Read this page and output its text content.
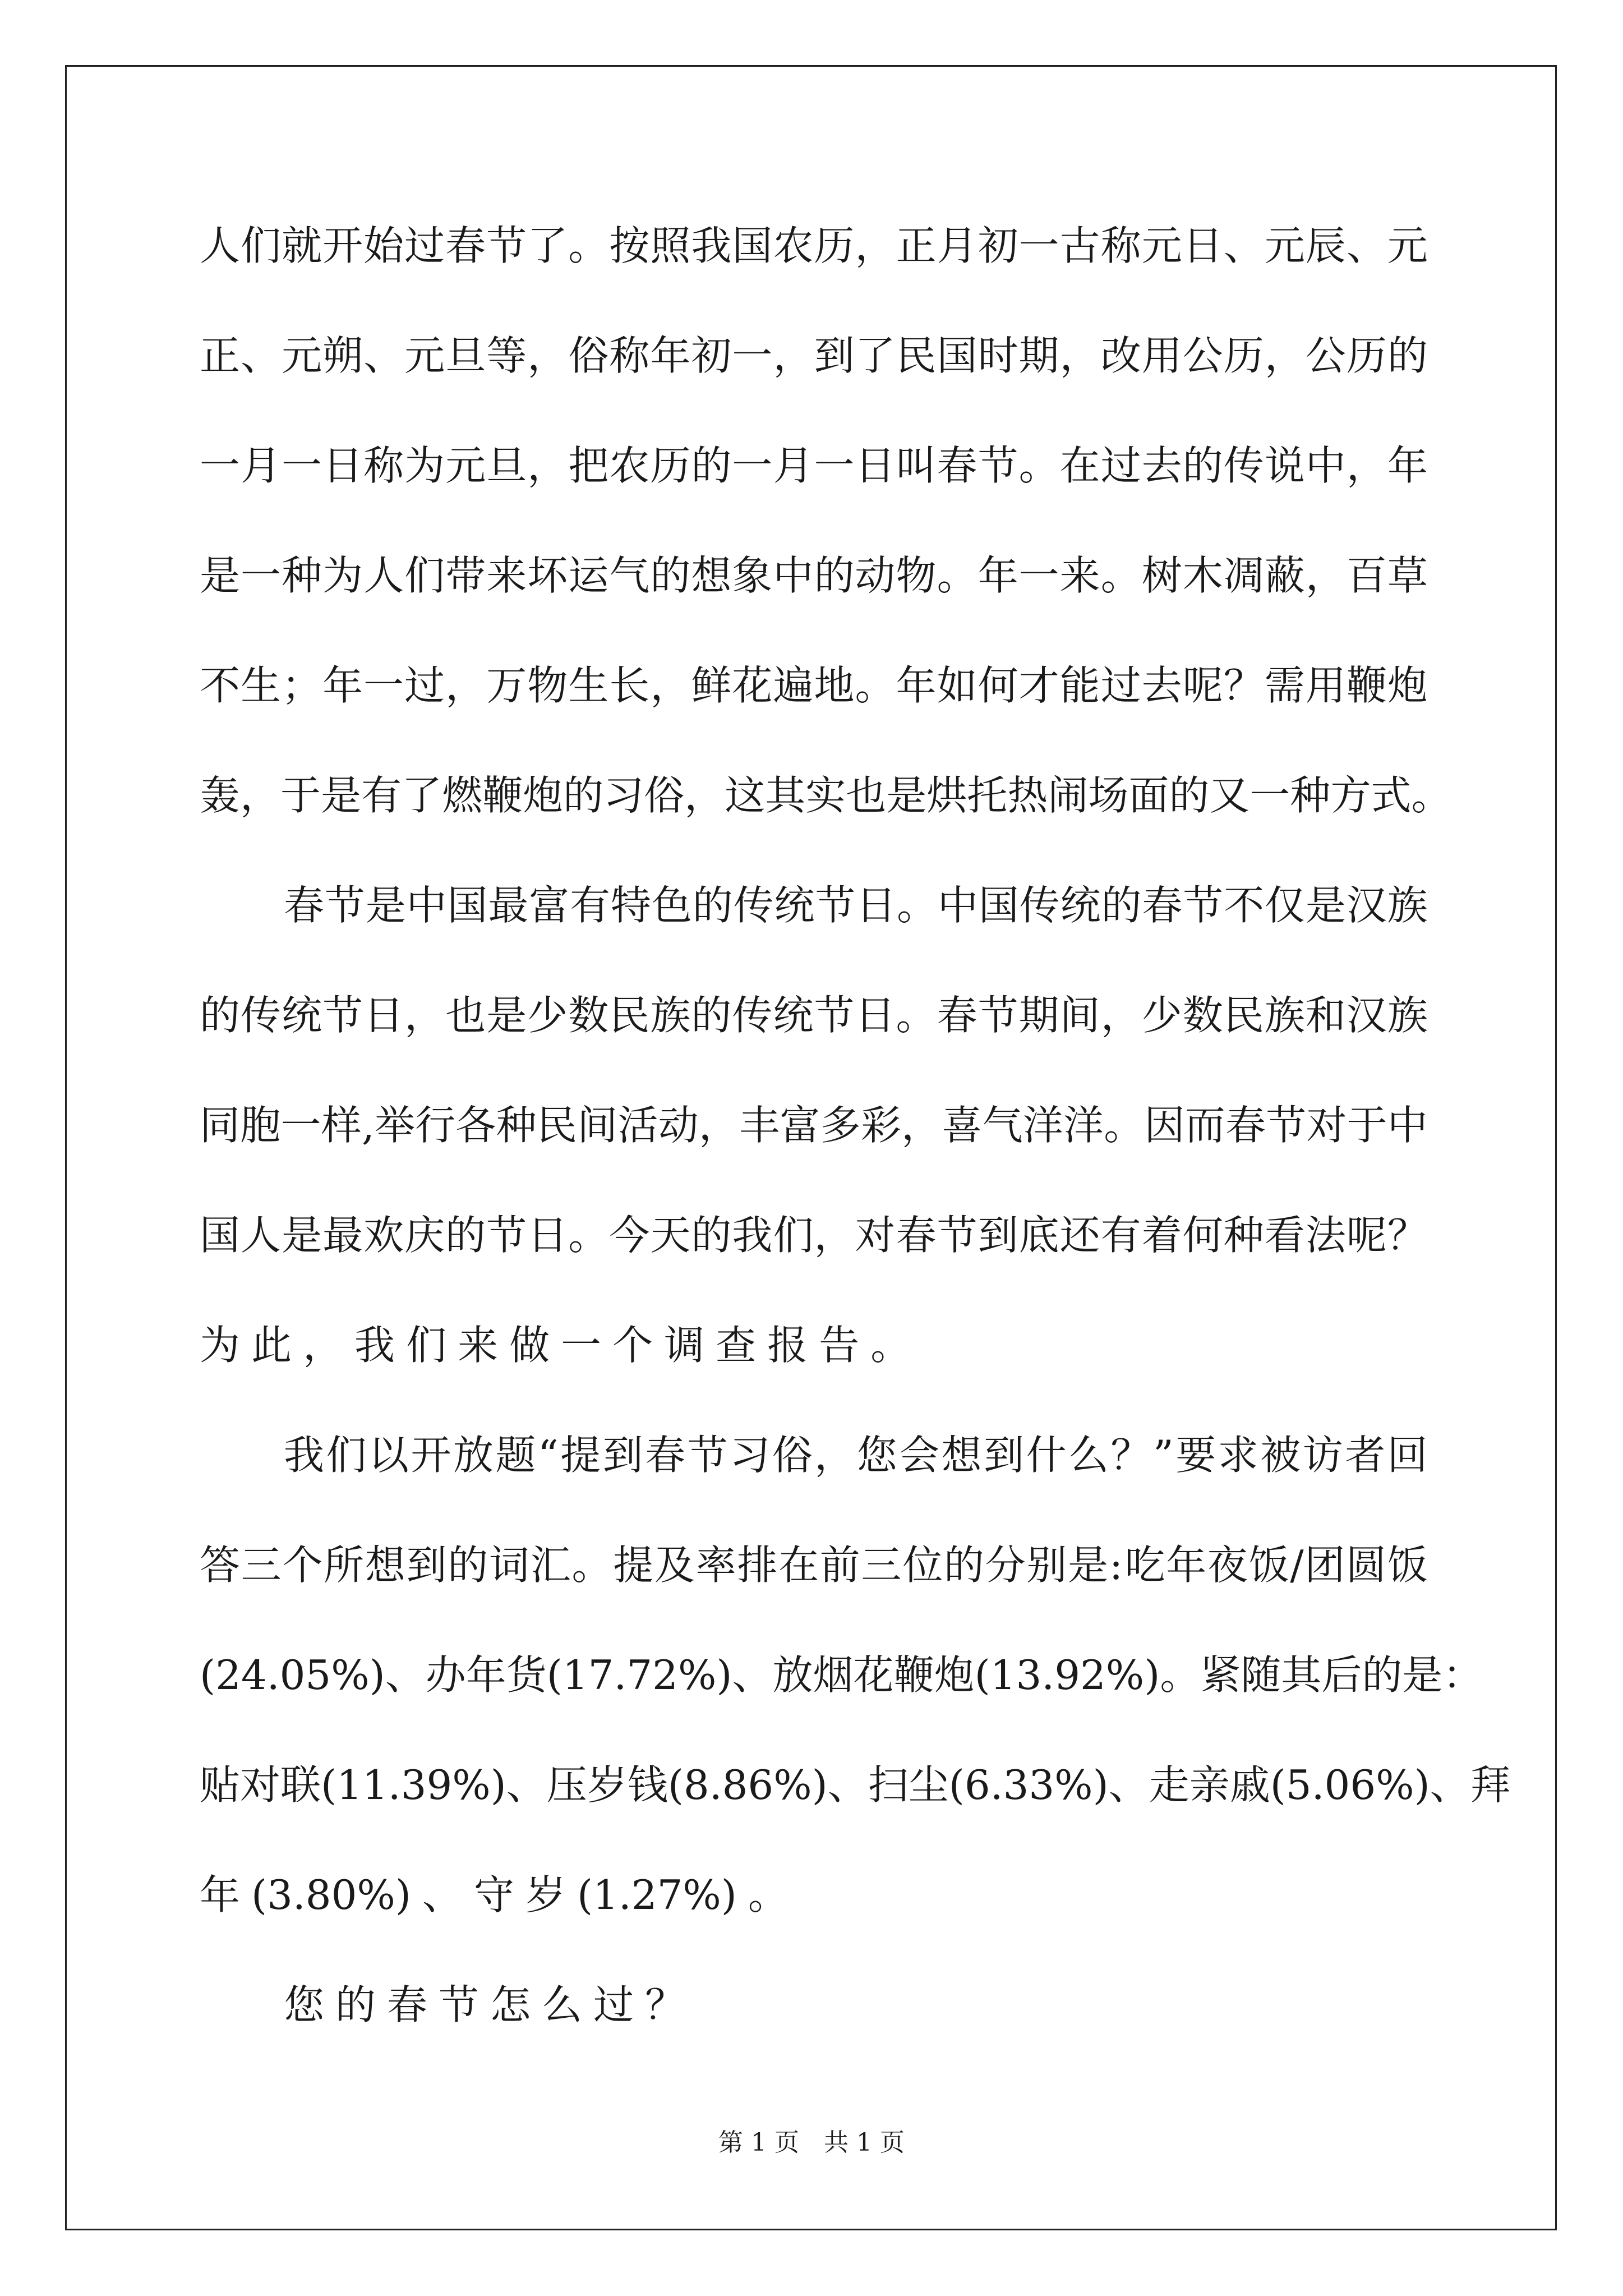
人 们 就 开 始 过 春 节 了 。 按 照 我 国 农 历 ， 正 月 初 一 古 称 元 日 、 元 辰 、 元
正 、 元 朔 、 元 旦 等 ， 俗 称 年 初 一 ， 到 了 民 国 时 期 ， 改 用 公 历 ， 公 历 的
一 月 一 日 称 为 元 旦 ， 把 农 历 的 一 月 一 日 叫 春 节 。 在 过 去 的 传 说 中 ， 年
是 一 种 为 人 们 带 来 坏 运 气 的 想 象 中 的 动 物 。 年 一 来 。 树 木 凋 蔽 ， 百 草
不 生 ； 年 一 过 ， 万 物 生 长 ， 鲜 花 遍 地 。 年 如 何 才 能 过 去 呢 ？ 需 用 鞭 炮
轰 ， 于 是 有 了 燃 鞭 炮 的 习 俗 ， 这 其 实 也 是 烘 托 热 闹 场 面 的 又 一 种 方 式 。
春 节 是 中 国 最 富 有 特 色 的 传 统 节 日 。 中 国 传 统 的 春 节 不 仅 是 汉 族
的 传 统 节 日 ， 也 是 少 数 民 族 的 传 统 节 日 。 春 节 期 间 ， 少 数 民 族 和 汉 族
同 胞 一 样 , 举 行 各 种 民 间 活 动 ， 丰 富 多 彩 ， 喜 气 洋 洋 。 因 而 春 节 对 于 中
国 人 是 最 欢 庆 的 节 日 。 今 天 的 我 们 ， 对 春 节 到 底 还 有 着 何 种 看 法 呢 ？
为 此 ， 我 们 来 做 一 个 调 查 报 告 。
我 们 以 开 放 题 “ 提 到 春 节 习 俗 ， 您 会 想 到 什 么 ？ ” 要 求 被 访 者 回
答 三 个 所 想 到 的 词 汇 。 提 及 率 排 在 前 三 位 的 分 别 是 : 吃 年 夜 饭 / 团 圆 饭
(24.05%) 、 办 年 货 (17.72%) 、 放 烟 花 鞭 炮 (13.92%) 。 紧 随 其 后 的 是 ：
贴 对 联 (11.39%) 、 压 岁 钱 (8.86%) 、 扫 尘 (6.33%) 、 走 亲 戚 (5.06%) 、 拜
年 (3.80%) 、 守 岁 (1.27%) 。
您 的 春 节 怎 么 过 ？
第 1 页　共 1 页
